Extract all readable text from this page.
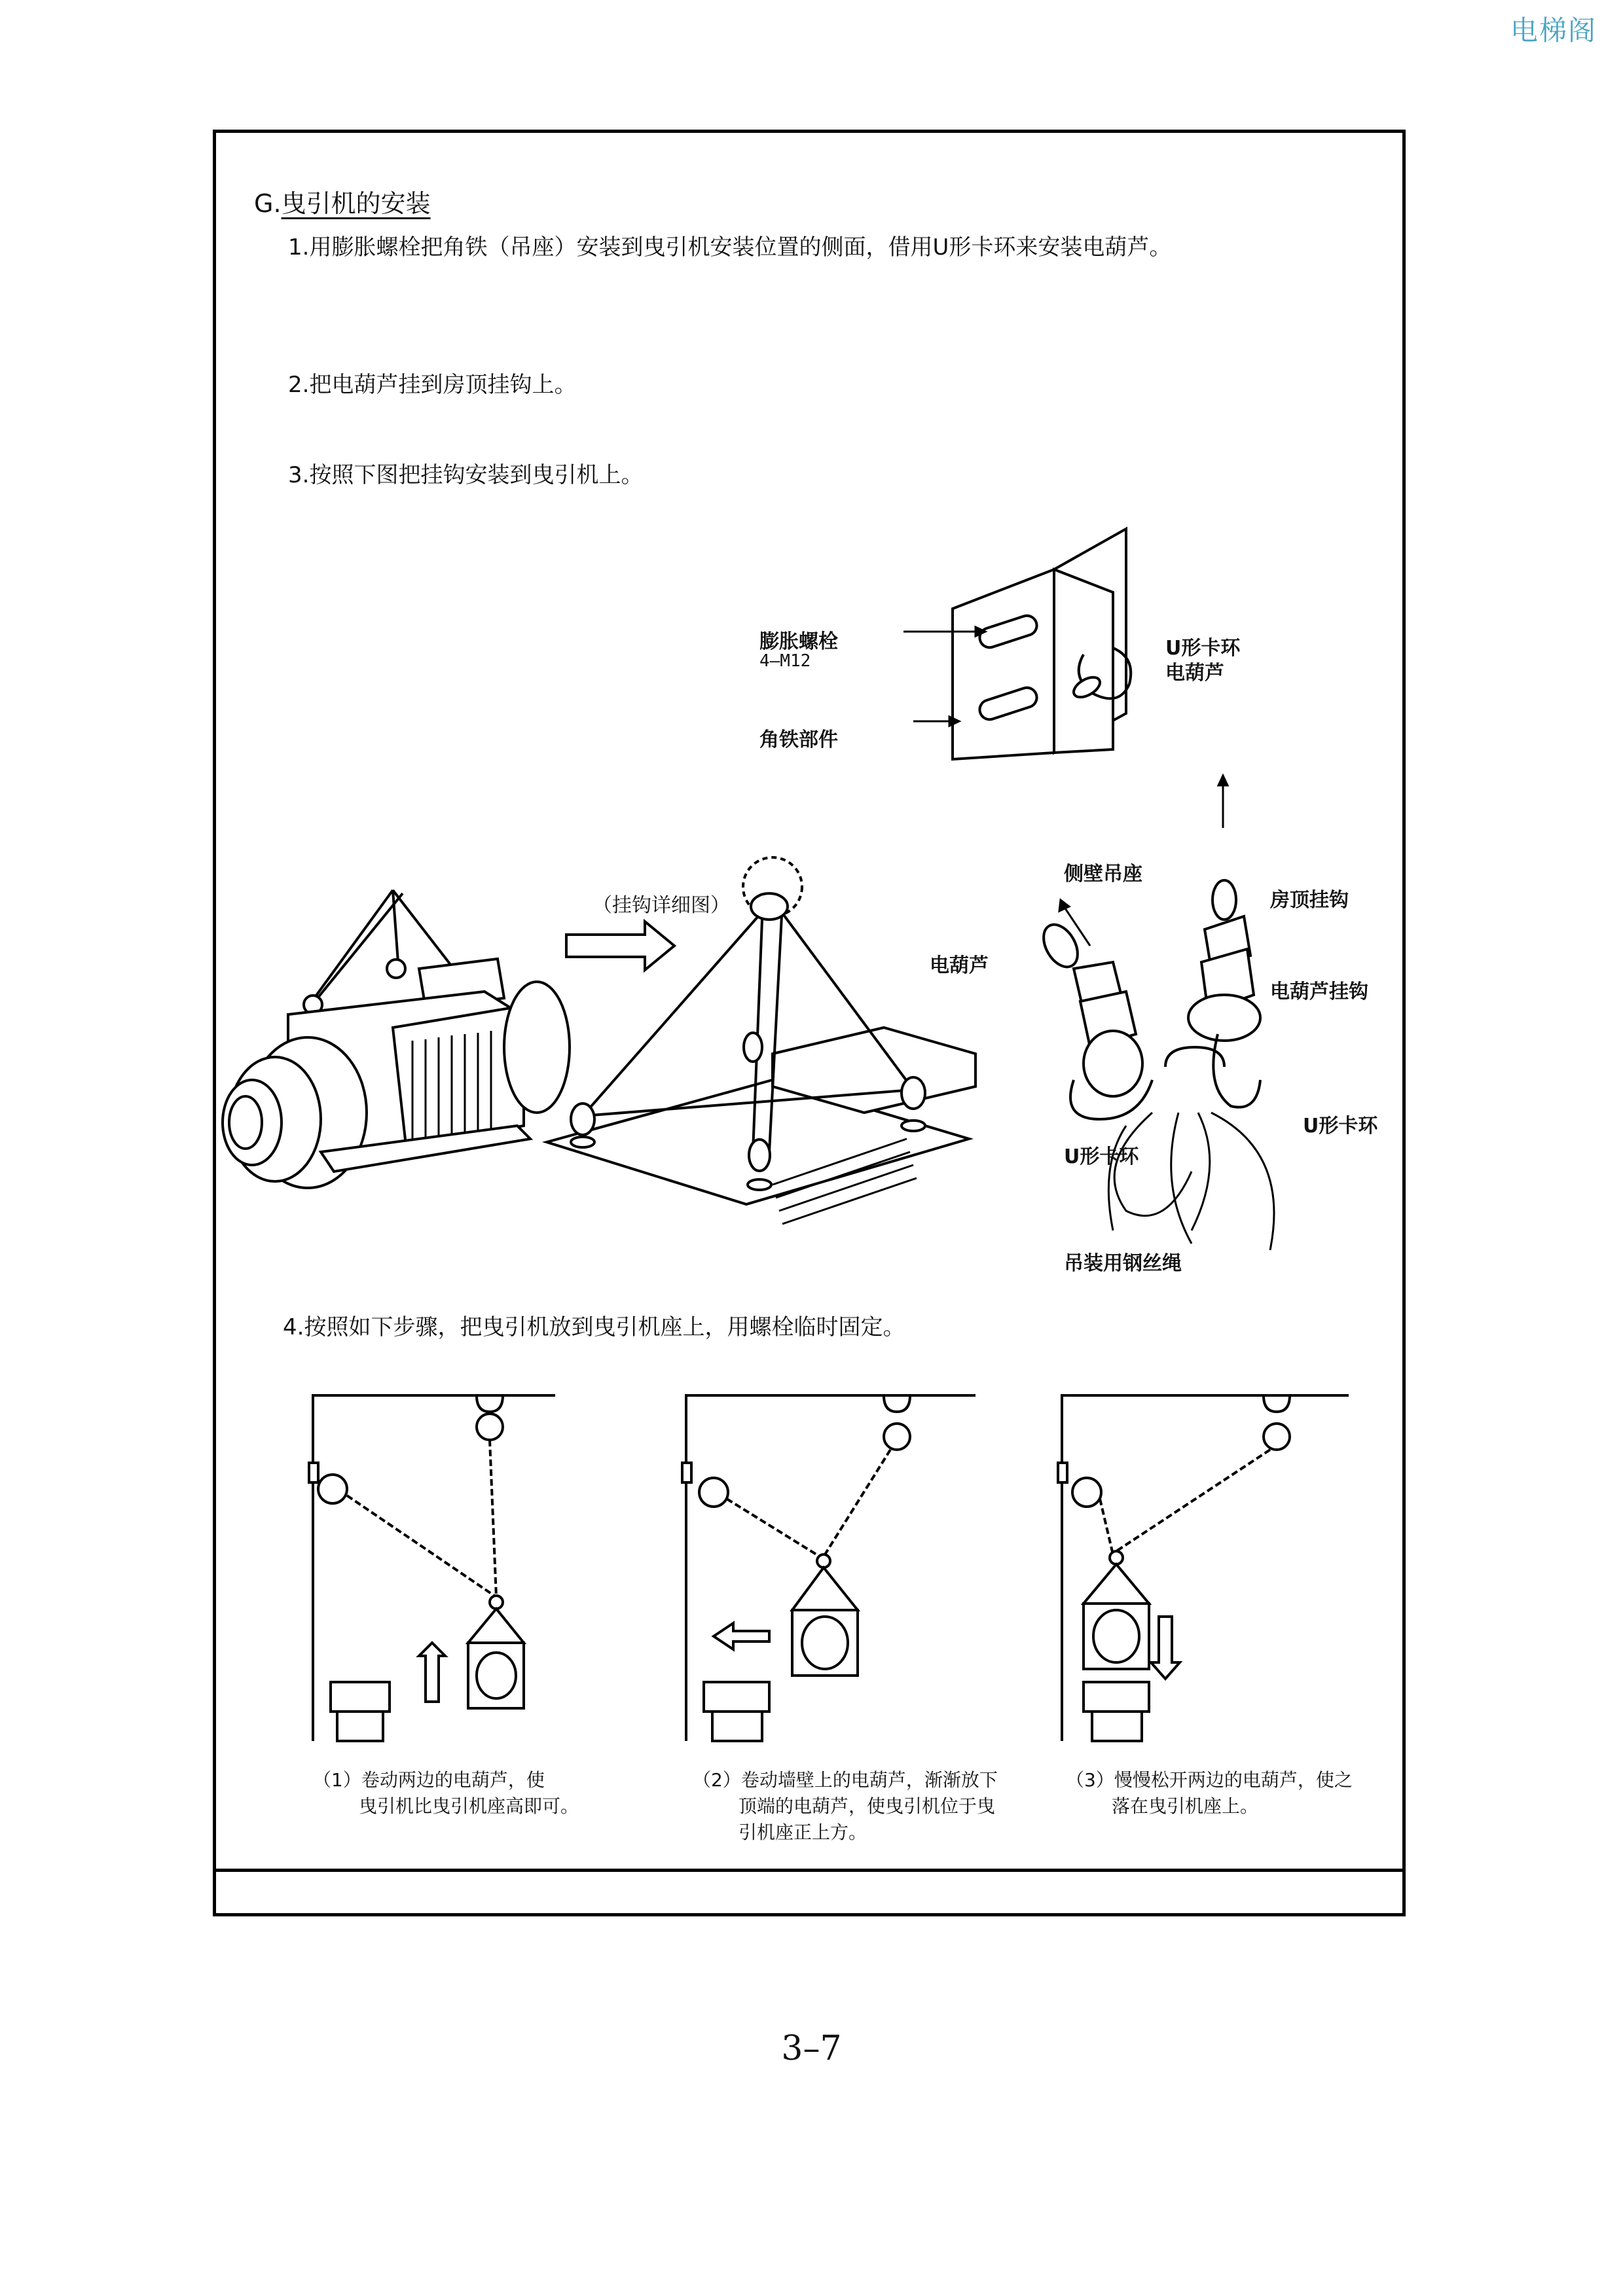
电梯阁
G.曳引机的安装
1.用膨胀螺栓把角铁（吊座）安装到曳引机安装位置的侧面，借用U形卡环来安装电葫芦。
2.把电葫芦挂到房顶挂钩上。
3.按照下图把挂钩安装到曳引机上。
4.按照如下步骤，把曳引机放到曳引机座上，用螺栓临时固定。
膨胀螺栓
4—M12
角铁部件
U形卡环
电葫芦
（挂钩详细图）
电葫芦
侧壁吊座
房顶挂钩
电葫芦挂钩
U形卡环
U形卡环
吊装用钢丝绳
（1）卷动两边的电葫芦，使
曳引机比曳引机座高即可。
（2）卷动墙壁上的电葫芦，渐渐放下
顶端的电葫芦，使曳引机位于曳
引机座正上方。
（3）慢慢松开两边的电葫芦，使之
落在曳引机座上。
3–7
